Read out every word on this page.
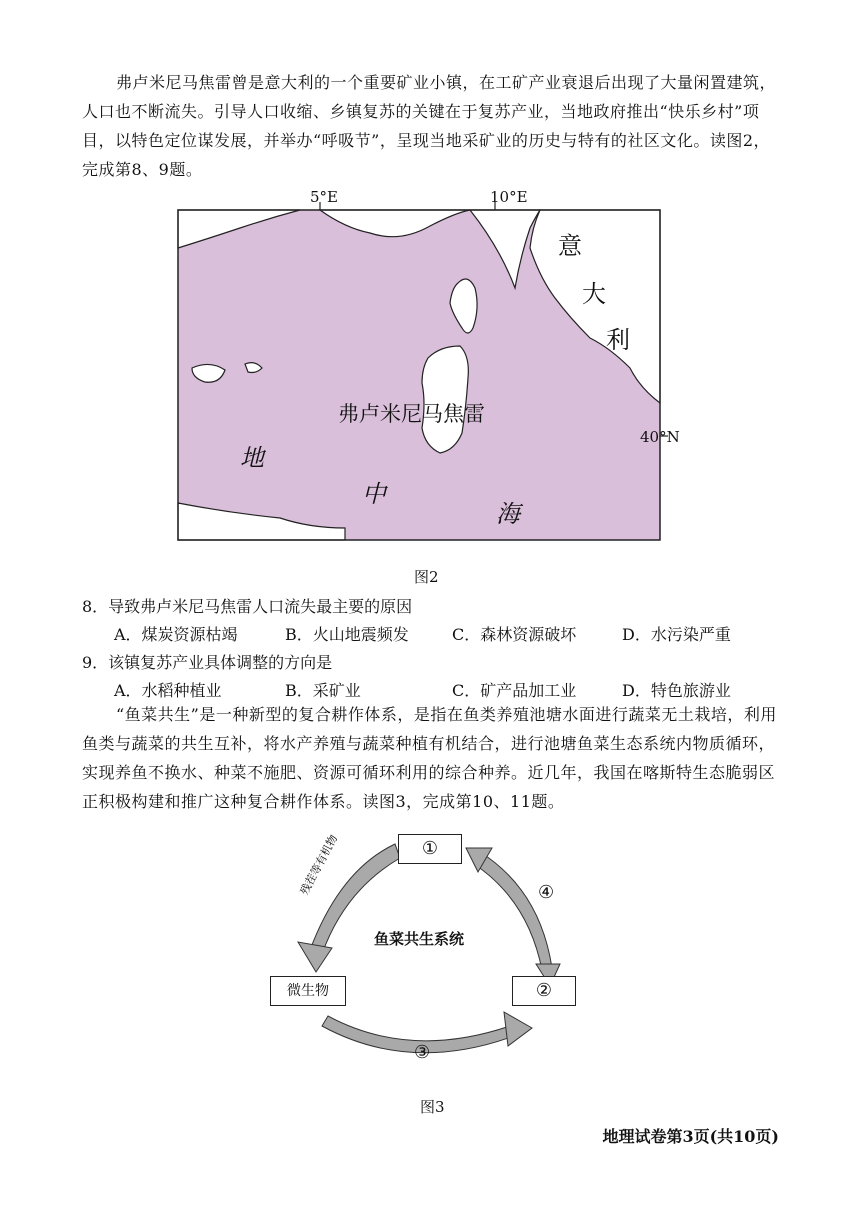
弗卢米尼马焦雷曾是意大利的一个重要矿业小镇，在工矿产业衰退后出现了大量闲置建筑，人口也不断流失。引导人口收缩、乡镇复苏的关键在于复苏产业，当地政府推出“快乐乡村”项目，以特色定位谋发展，并举办“呼吸节”，呈现当地采矿业的历史与特有的社区文化。读图2，完成第8、9题。
5°E	10°E
40°N
意
大
利
弗卢米尼马焦雷
地
中
海
图2
8．导致弗卢米尼马焦雷人口流失最主要的原因
A．煤炭资源枯竭	B．火山地震频发	C．森林资源破坏	D．水污染严重
9．该镇复苏产业具体调整的方向是
A．水稻种植业	B．采矿业	C．矿产品加工业	D．特色旅游业
“鱼菜共生”是一种新型的复合耕作体系，是指在鱼类养殖池塘水面进行蔬菜无土栽培，利用鱼类与蔬菜的共生互补，将水产养殖与蔬菜种植有机结合，进行池塘鱼菜生态系统内物质循环，实现养鱼不换水、种菜不施肥、资源可循环利用的综合种养。近几年，我国在喀斯特生态脆弱区正积极构建和推广这种复合耕作体系。读图3，完成第10、11题。
①
②
微生物
鱼菜共生系统
③
④
残茬等有机物
图3
地理试卷第3页(共10页)
